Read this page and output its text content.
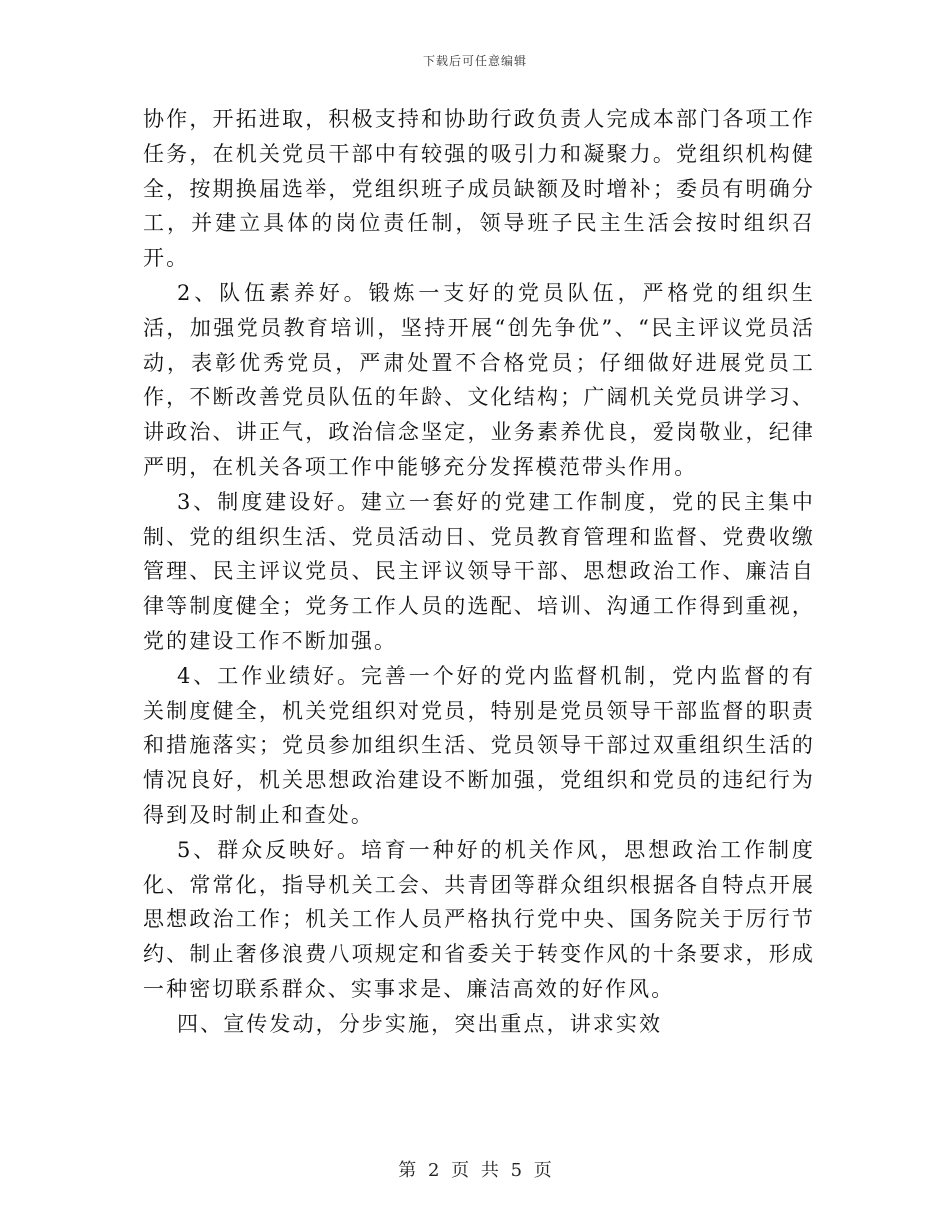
下载后可任意编辑

协作，开拓进取，积极支持和协助行政负责人完成本部门各项工作任务，在机关党员干部中有较强的吸引力和凝聚力。党组织机构健全，按期换届选举，党组织班子成员缺额及时增补；委员有明确分工，并建立具体的岗位责任制，领导班子民主生活会按时组织召开。

2、队伍素养好。锻炼一支好的党员队伍，严格党的组织生活，加强党员教育培训，坚持开展“创先争优”、“民主评议党员活动，表彰优秀党员，严肃处置不合格党员；仔细做好进展党员工作，不断改善党员队伍的年龄、文化结构；广阔机关党员讲学习、讲政治、讲正气，政治信念坚定，业务素养优良，爱岗敬业，纪律严明，在机关各项工作中能够充分发挥模范带头作用。

3、制度建设好。建立一套好的党建工作制度，党的民主集中制、党的组织生活、党员活动日、党员教育管理和监督、党费收缴管理、民主评议党员、民主评议领导干部、思想政治工作、廉洁自律等制度健全；党务工作人员的选配、培训、沟通工作得到重视，党的建设工作不断加强。

4、工作业绩好。完善一个好的党内监督机制，党内监督的有关制度健全，机关党组织对党员，特别是党员领导干部监督的职责和措施落实；党员参加组织生活、党员领导干部过双重组织生活的情况良好，机关思想政治建设不断加强，党组织和党员的违纪行为得到及时制止和查处。

5、群众反映好。培育一种好的机关作风，思想政治工作制度化、常常化，指导机关工会、共青团等群众组织根据各自特点开展思想政治工作；机关工作人员严格执行党中央、国务院关于厉行节约、制止奢侈浪费八项规定和省委关于转变作风的十条要求，形成一种密切联系群众、实事求是、廉洁高效的好作风。

四、宣传发动，分步实施，突出重点，讲求实效

第 2 页 共 5 页
